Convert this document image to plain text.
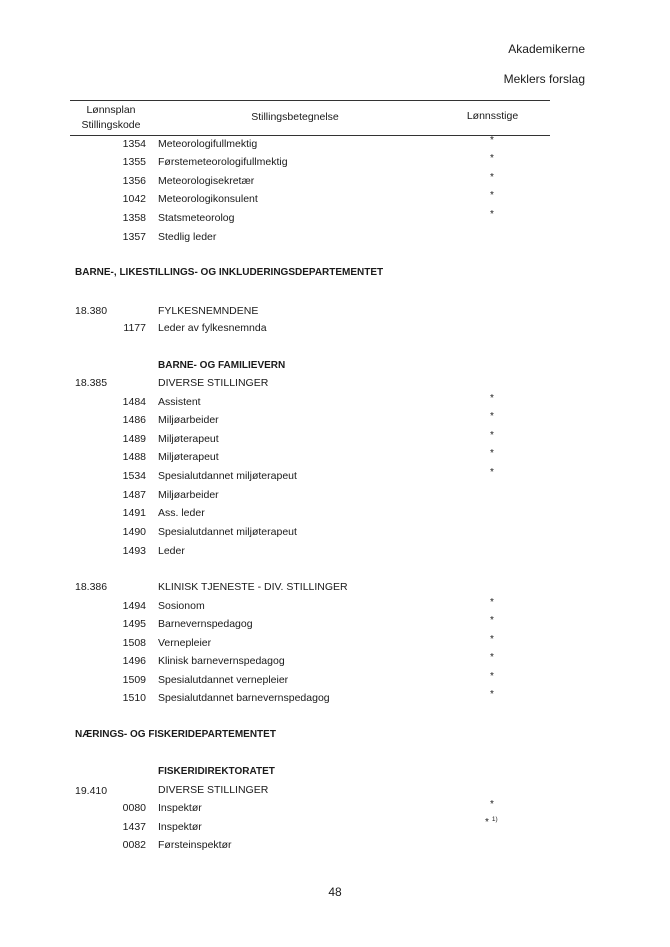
Akademikerne
Meklers forslag
Lønnsplan
Stillingskode
Stillingsbetegnelse	Lønnsstige
1354 Meteorologifullmektig	*
1355 Førstemeteorologifullmektig	*
1356 Meteorologisekretær	*
1042 Meteorologikonsulent	*
1358 Statsmeteorolog	*
1357 Stedlig leder
BARNE-, LIKESTILLINGS- OG INKLUDERINGSDEPARTEMENTET
18.380	FYLKESNEMNDENE
1177 Leder av fylkesnemnda
BARNE- OG FAMILIEVERN
18.385	DIVERSE STILLINGER
1484 Assistent	*
1486 Miljøarbeider	*
1489 Miljøterapeut	*
1488 Miljøterapeut	*
1534 Spesialutdannet miljøterapeut	*
1487 Miljøarbeider
1491 Ass. leder
1490 Spesialutdannet miljøterapeut
1493 Leder
18.386	KLINISK TJENESTE - DIV. STILLINGER
1494 Sosionom	*
1495 Barnevernspedagog	*
1508 Vernepleier	*
1496 Klinisk barnevernspedagog	*
1509 Spesialutdannet vernepleier	*
1510 Spesialutdannet barnevernspedagog	*
NÆRINGS- OG FISKERIDEPARTEMENTET
FISKERIDIREKTORATET
19.410	DIVERSE STILLINGER
0080 Inspektør	*
1437 Inspektør	* $^{1)}$
0082 Førsteinspektør
48
